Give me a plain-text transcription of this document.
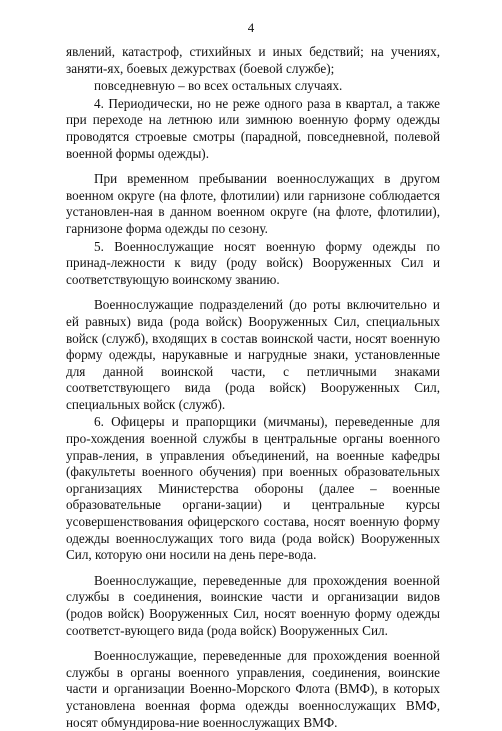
4

явлений, катастроф, стихийных и иных бедствий; на учениях, заняти-ях, боевых дежурствах (боевой службе);

повседневную – во всех остальных случаях.

4. Периодически, но не реже одного раза в квартал, а также при переходе на летнюю или зимнюю военную форму одежды проводятся строевые смотры (парадной, повседневной, полевой военной формы одежды).

При временном пребывании военнослужащих в другом военном округе (на флоте, флотилии) или гарнизоне соблюдается установлен-ная в данном военном округе (на флоте, флотилии), гарнизоне форма одежды по сезону.

5. Военнослужащие носят военную форму одежды по принад-лежности к виду (роду войск) Вооруженных Сил и соответствующую воинскому званию.

Военнослужащие подразделений (до роты включительно и ей равных) вида (рода войск) Вооруженных Сил, специальных войск (служб), входящих в состав воинской части, носят военную форму одежды, нарукавные и нагрудные знаки, установленные для данной воинской части, с петличными знаками соответствующего вида (рода войск) Вооруженных Сил, специальных войск (служб).

6. Офицеры и прапорщики (мичманы), переведенные для про-хождения военной службы в центральные органы военного управ-ления, в управления объединений, на военные кафедры (факультеты военного обучения) при военных образовательных организациях Министерства обороны (далее – военные образовательные органи-зации) и центральные курсы усовершенствования офицерского состава, носят военную форму одежды военнослужащих того вида (рода войск) Вооруженных Сил, которую они носили на день пере-вода.

Военнослужащие, переведенные для прохождения военной службы в соединения, воинские части и организации видов (родов войск) Вооруженных Сил, носят военную форму одежды соответст-вующего вида (рода войск) Вооруженных Сил.

Военнослужащие, переведенные для прохождения военной службы в органы военного управления, соединения, воинские части и организации Военно-Морского Флота (ВМФ), в которых установлена военная форма одежды военнослужащих ВМФ, носят обмундирова-ние военнослужащих ВМФ.
